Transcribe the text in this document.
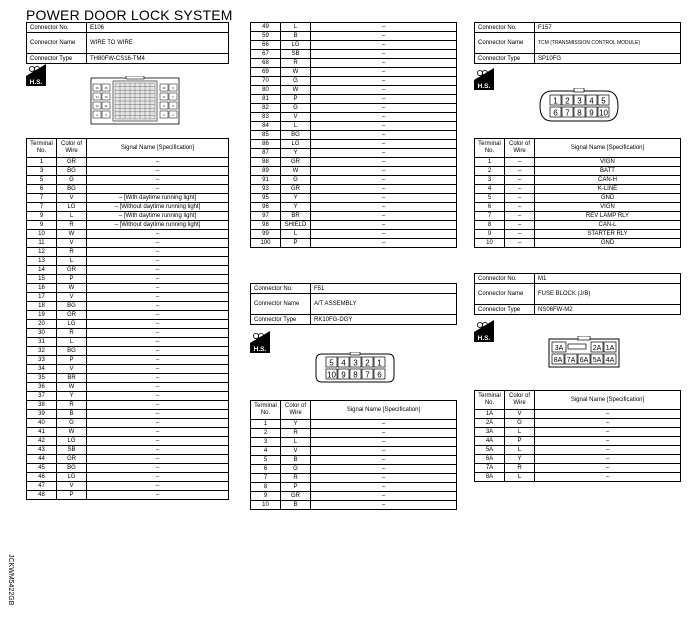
POWER DOOR LOCK SYSTEM
JCKWM5422GB
Connector No.	E106
Connector Name	WIRE TO WIRE
Connector Type	TH80FW-CS16-TM4
H.S.
16 15	10 9
14 13	8	7
12 11	6	5
4	3	2	1
Terminal No.	Color of Wire	Signal Name [Specification]
1	GR	–
3	BG	–
5	G	–
6	BG	–
7	V	– [With daytime running light]
7	LG	– [Without daytime running light]
9	L	– [With daytime running light]
9	R	– [Without daytime running light]
10	W	–
11	V	–
12	R	–
13	L	–
14	GR	–
15	P	–
16	W	–
17	V	–
18	BG	–
19	GR	–
20	LG	–
30	R	–
31	L	–
32	BG	–
33	P	–
34	V	–
35	BR	–
36	W	–
37	Y	–
38	R	–
39	B	–
40	G	–
41	W	–
42	LG	–
43	SB	–
44	GR	–
45	BG	–
46	LG	–
47	V	–
48	P	–
49	L	–
59	B	–
66	LG	–
67	SB	–
68	R	–
69	W	–
70	G	–
80	W	–
81	P	–
82	G	–
83	V	–
84	L	–
85	BG	–
86	LG	–
87	Y	–
88	GR	–
89	W	–
91	G	–
93	GR	–
95	Y	–
96	Y	–
97	BR	–
98	SHIELD	–
99	L	–
100	P	–
Connector No.	F51
Connector Name	A/T ASSEMBLY
Connector Type	RK10FG-DGY
H.S.
5 4 3 2 1
10 9 8 7 6
Terminal No.	Color of Wire	Signal Name [Specification]
1	Y	–
2	R	–
3	L	–
4	V	–
5	B	–
6	G	–
7	R	–
8	P	–
9	GR	–
10	B	–
Connector No.	F157
Connector Name	TCM (TRANSMISSION CONTROL MODULE)
Connector Type	SP10FG
H.S.
1 2 3 4 5
6 7 8 9 10
Terminal No.	Color of Wire	Signal Name [Specification]
1	–	VIGN
2	–	BATT
3	–	CAN-H
4	–	K-LINE
5	–	GND
6	–	VIGN
7	–	REV LAMP RLY
8	–	CAN-L
9	–	STARTER RLY
10	–	GND
Connector No.	M1
Connector Name	FUSE BLOCK (J/B)
Connector Type	NS06FW-M2
H.S.
3A	2A 1A
8A 7A 6A 5A 4A
Terminal No.	Color of Wire	Signal Name [Specification]
1A	V	–
2A	G	–
3A	L	–
4A	P	–
5A	L	–
6A	Y	–
7A	R	–
8A	L	–
